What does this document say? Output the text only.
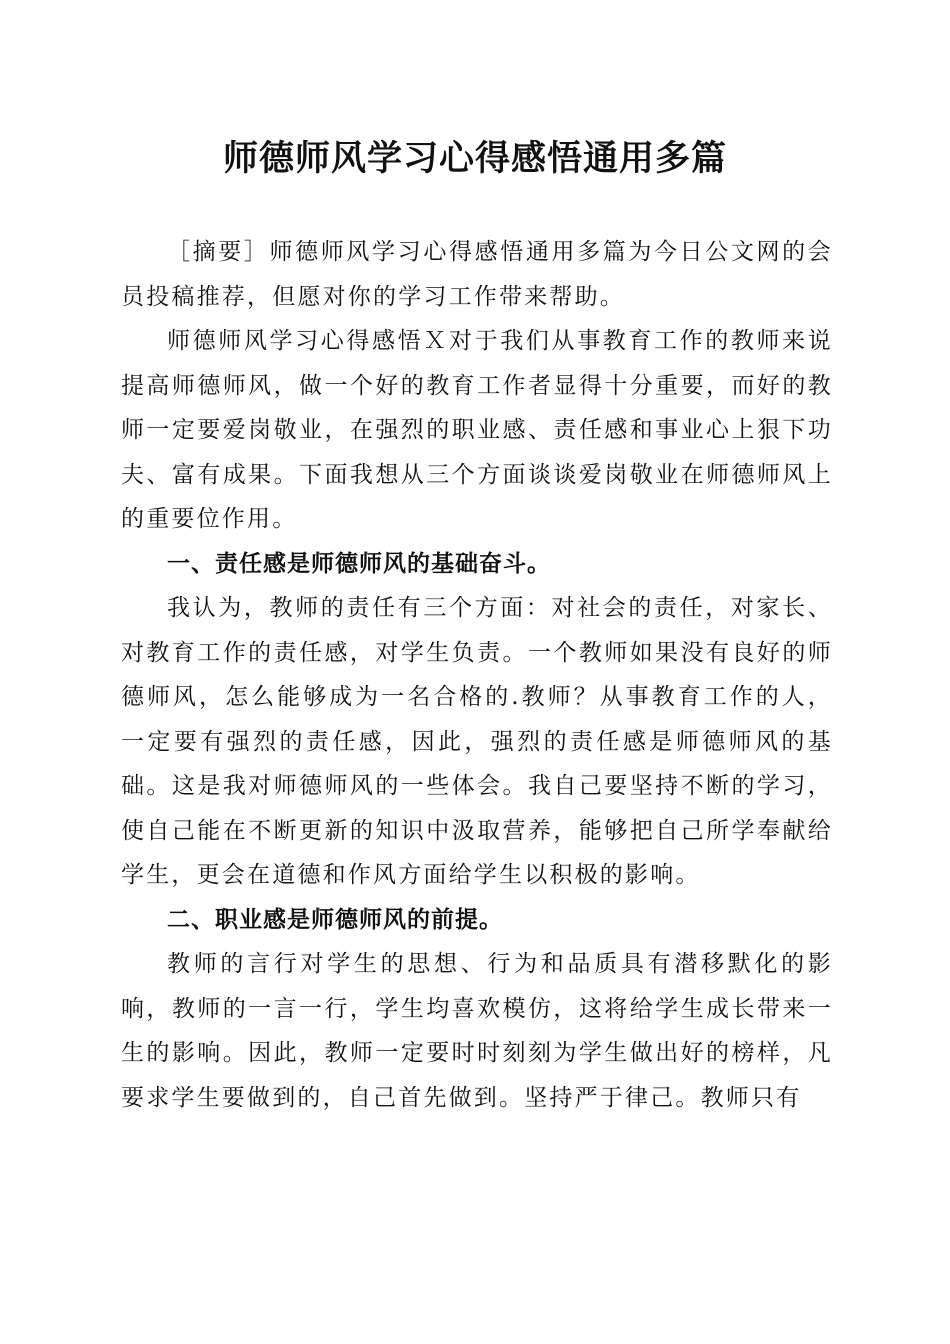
师德师风学习心得感悟通用多篇

［摘要］师德师风学习心得感悟通用多篇为今日公文网的会员投稿推荐，但愿对你的学习工作带来帮助。

师德师风学习心得感悟Ｘ对于我们从事教育工作的教师来说提高师德师风，做一个好的教育工作者显得十分重要，而好的教师一定要爱岗敬业，在强烈的职业感、责任感和事业心上狠下功夫、富有成果。下面我想从三个方面谈谈爱岗敬业在师德师风上的重要位作用。

一、责任感是师德师风的基础奋斗。

我认为，教师的责任有三个方面：对社会的责任，对家长、对教育工作的责任感，对学生负责。一个教师如果没有良好的师德师风，怎么能够成为一名合格的.教师？从事教育工作的人，一定要有强烈的责任感，因此，强烈的责任感是师德师风的基础。这是我对师德师风的一些体会。我自己要坚持不断的学习，使自己能在不断更新的知识中汲取营养，能够把自己所学奉献给学生，更会在道德和作风方面给学生以积极的影响。

二、职业感是师德师风的前提。

教师的言行对学生的思想、行为和品质具有潜移默化的影响，教师的一言一行，学生均喜欢模仿，这将给学生成长带来一生的影响。因此，教师一定要时时刻刻为学生做出好的榜样，凡要求学生要做到的，自己首先做到。坚持严于律己。教师只有
